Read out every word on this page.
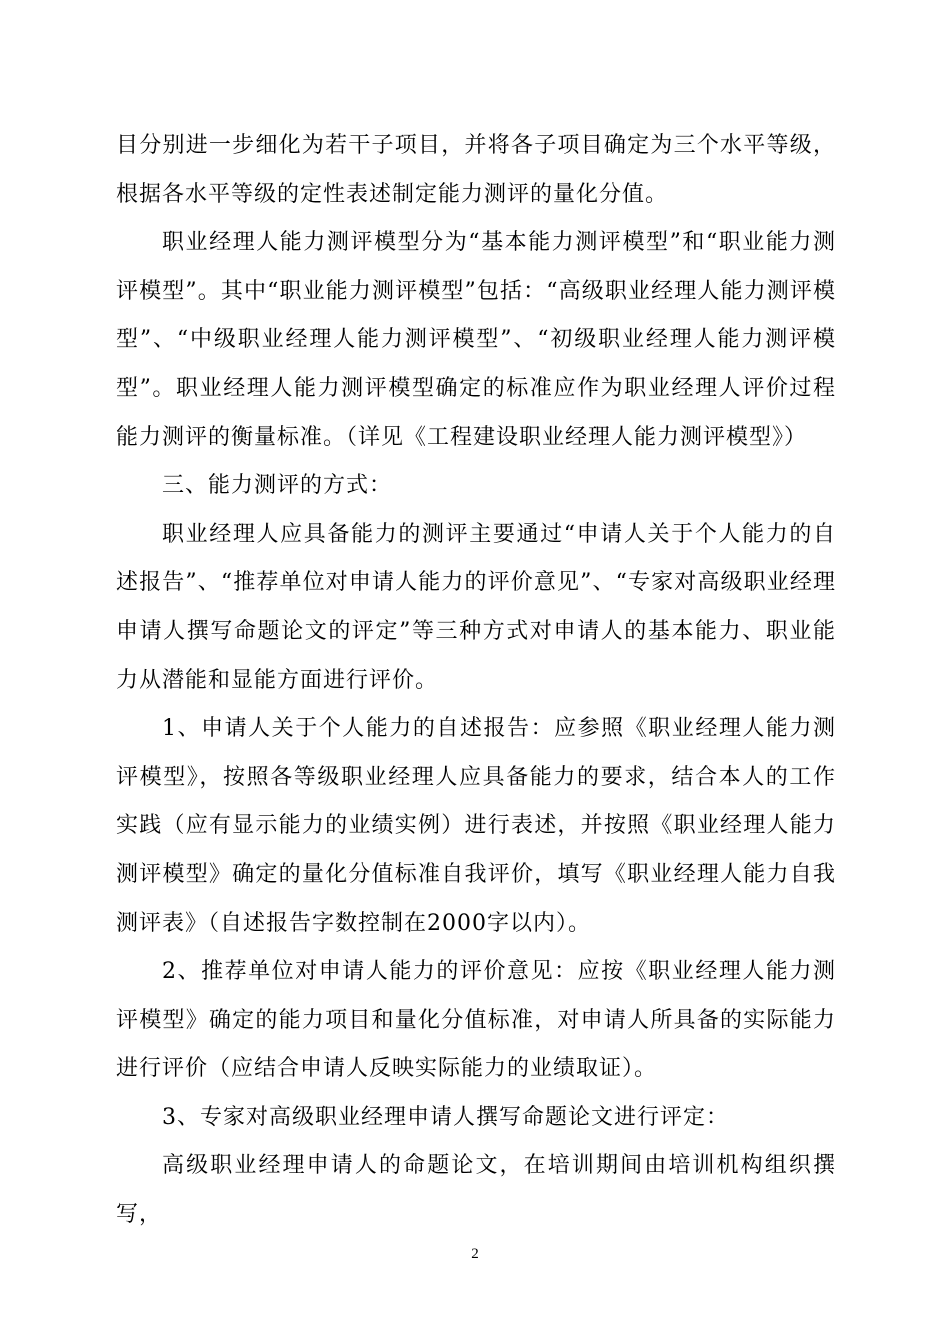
目分别进一步细化为若干子项目，并将各子项目确定为三个水平等级，根据各水平等级的定性表述制定能力测评的量化分值。

职业经理人能力测评模型分为“基本能力测评模型”和“职业能力测评模型”。其中“职业能力测评模型”包括：“高级职业经理人能力测评模型”、“中级职业经理人能力测评模型”、“初级职业经理人能力测评模型”。职业经理人能力测评模型确定的标准应作为职业经理人评价过程能力测评的衡量标准。（详见《工程建设职业经理人能力测评模型》）

三、能力测评的方式：

职业经理人应具备能力的测评主要通过“申请人关于个人能力的自述报告”、“推荐单位对申请人能力的评价意见”、“专家对高级职业经理申请人撰写命题论文的评定”等三种方式对申请人的基本能力、职业能力从潜能和显能方面进行评价。

1、申请人关于个人能力的自述报告：应参照《职业经理人能力测评模型》，按照各等级职业经理人应具备能力的要求，结合本人的工作实践（应有显示能力的业绩实例）进行表述，并按照《职业经理人能力测评模型》确定的量化分值标准自我评价，填写《职业经理人能力自我测评表》（自述报告字数控制在2000字以内）。

2、推荐单位对申请人能力的评价意见：应按《职业经理人能力测评模型》确定的能力项目和量化分值标准，对申请人所具备的实际能力进行评价（应结合申请人反映实际能力的业绩取证）。

3、专家对高级职业经理申请人撰写命题论文进行评定：

高级职业经理申请人的命题论文，在培训期间由培训机构组织撰写，

2
